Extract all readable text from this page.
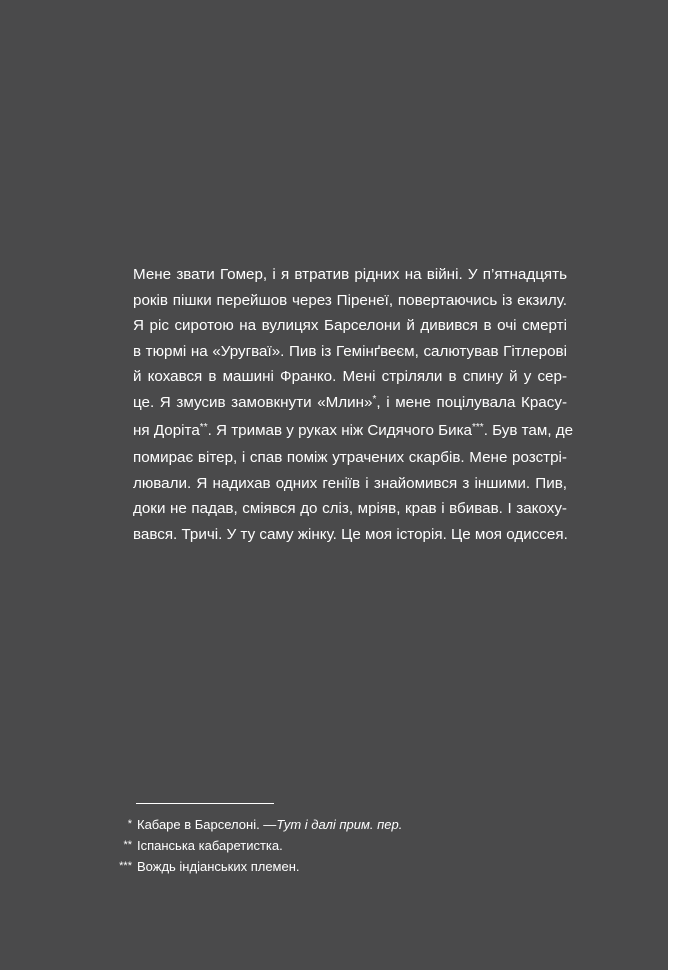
Мене звати Гомер, і я втратив рідних на війні. У п’ятнадцять
років пішки перейшов через Піренеї, повертаючись із екзилу.
Я ріс сиротою на вулицях Барселони й дивився в очі смерті
в тюрмі на «Уругваї». Пив із Гемінґвеєм, салютував Гітлерові
й кохався в машині Франко. Мені стріляли в спину й у сер-
це. Я змусив замовкнути «Млин»*, і мене поцілувала Красу-
ня Доріта**. Я тримав у руках ніж Сидячого Бика***. Був там, де
помирає вітер, і спав поміж утрачених скарбів. Мене розстрі-
лювали. Я надихав одних геніїв і знайомився з іншими. Пив,
доки не падав, сміявся до сліз, мріяв, крав і вбивав. І закоху-
вався. Тричі. У ту саму жінку. Це моя історія. Це моя одиссея.
* Кабаре в Барселоні. — Тут і далі прим. пер.
** Іспанська кабаретистка.
*** Вождь індіанських племен.
